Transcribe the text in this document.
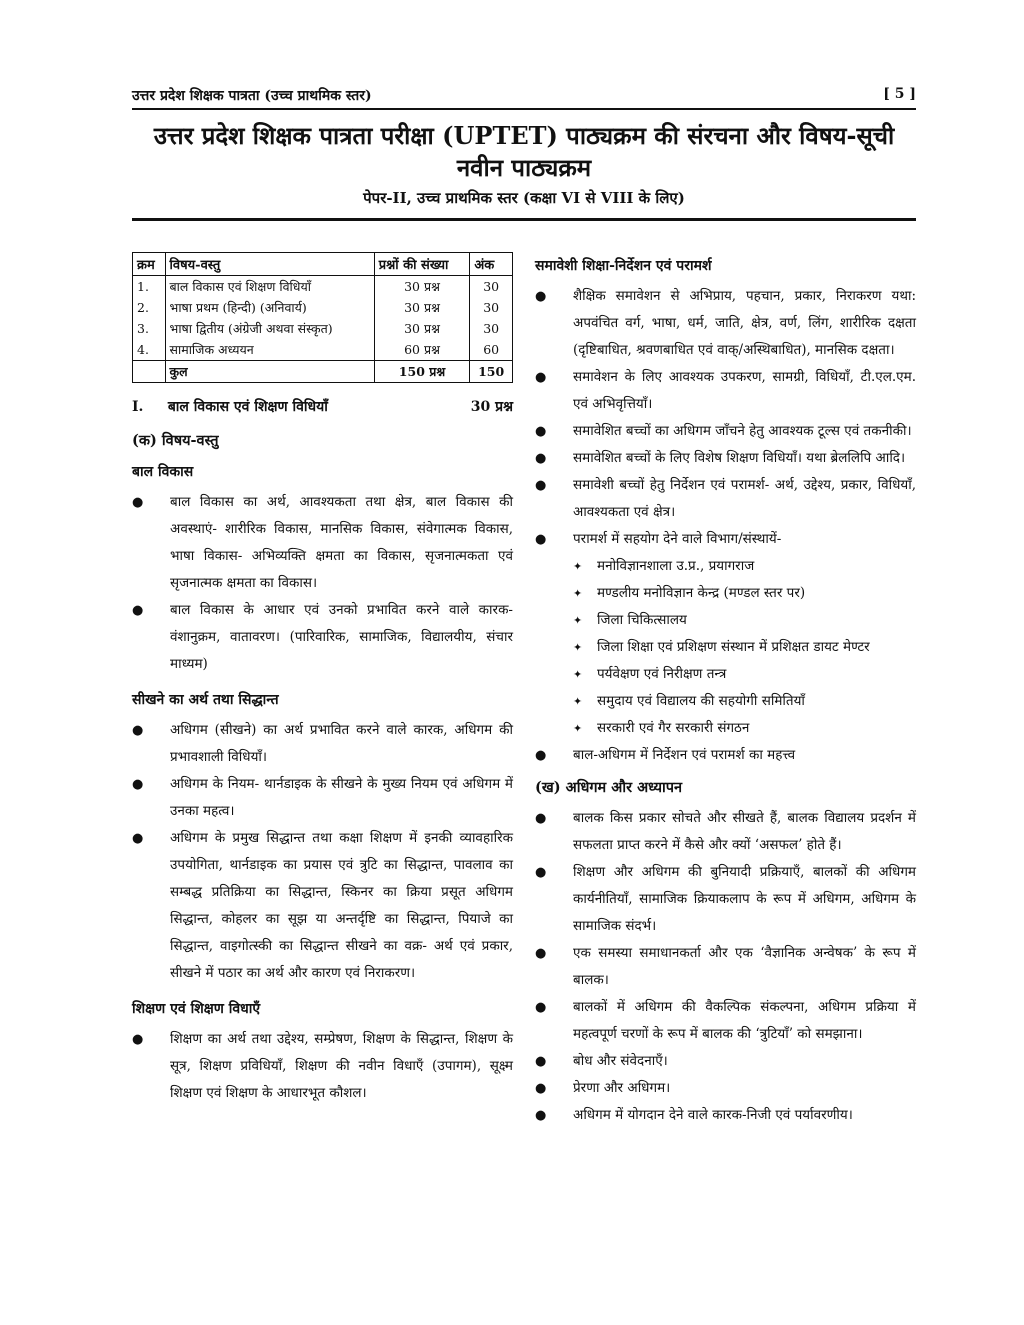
उत्तर प्रदेश शिक्षक पात्रता (उच्च प्राथमिक स्तर)	[ 5 ]
उत्तर प्रदेश शिक्षक पात्रता परीक्षा (UPTET) पाठ्यक्रम की संरचना और विषय-सूची
नवीन पाठ्यक्रम
पेपर-II, उच्च प्राथमिक स्तर (कक्षा VI से VIII के लिए)
क्रम	विषय-वस्तु	प्रश्नों की संख्या	अंक
1.	बाल विकास एवं शिक्षण विधियाँ	30 प्रश्न	30
2.	भाषा प्रथम (हिन्दी) (अनिवार्य)	30 प्रश्न	30
3.	भाषा द्वितीय (अंग्रेजी अथवा संस्कृत)	30 प्रश्न	30
4.	सामाजिक अध्ययन	60 प्रश्न	60
	कुल	150 प्रश्न	150
I. बाल विकास एवं शिक्षण विधियाँ	30 प्रश्न
(क) विषय-वस्तु
बाल विकास
● बाल विकास का अर्थ, आवश्यकता तथा क्षेत्र, बाल विकास की अवस्थाएं- शारीरिक विकास, मानसिक विकास, संवेगात्मक विकास, भाषा विकास- अभिव्यक्ति क्षमता का विकास, सृजनात्मकता एवं सृजनात्मक क्षमता का विकास।
● बाल विकास के आधार एवं उनको प्रभावित करने वाले कारक- वंशानुक्रम, वातावरण। (पारिवारिक, सामाजिक, विद्यालयीय, संचार माध्यम)
सीखने का अर्थ तथा सिद्धान्त
● अधिगम (सीखने) का अर्थ प्रभावित करने वाले कारक, अधिगम की प्रभावशाली विधियाँ।
● अधिगम के नियम- थार्नडाइक के सीखने के मुख्य नियम एवं अधिगम में उनका महत्व।
● अधिगम के प्रमुख सिद्धान्त तथा कक्षा शिक्षण में इनकी व्यावहारिक उपयोगिता, थार्नडाइक का प्रयास एवं त्रुटि का सिद्धान्त, पावलाव का सम्बद्ध प्रतिक्रिया का सिद्धान्त, स्किनर का क्रिया प्रसूत अधिगम सिद्धान्त, कोहलर का सूझ या अन्तर्दृष्टि का सिद्धान्त, पियाजे का सिद्धान्त, वाइगोत्स्की का सिद्धान्त सीखने का वक्र- अर्थ एवं प्रकार, सीखने में पठार का अर्थ और कारण एवं निराकरण।
शिक्षण एवं शिक्षण विधाएँ
● शिक्षण का अर्थ तथा उद्देश्य, सम्प्रेषण, शिक्षण के सिद्धान्त, शिक्षण के सूत्र, शिक्षण प्रविधियाँ, शिक्षण की नवीन विधाएँ (उपागम), सूक्ष्म शिक्षण एवं शिक्षण के आधारभूत कौशल।
समावेशी शिक्षा-निर्देशन एवं परामर्श
● शैक्षिक समावेशन से अभिप्राय, पहचान, प्रकार, निराकरण यथा: अपवंचित वर्ग, भाषा, धर्म, जाति, क्षेत्र, वर्ण, लिंग, शारीरिक दक्षता (दृष्टिबाधित, श्रवणबाधित एवं वाक्/अस्थिबाधित), मानसिक दक्षता।
● समावेशन के लिए आवश्यक उपकरण, सामग्री, विधियाँ, टी.एल.एम. एवं अभिवृत्तियाँ।
● समावेशित बच्चों का अधिगम जाँचने हेतु आवश्यक टूल्स एवं तकनीकी।
● समावेशित बच्चों के लिए विशेष शिक्षण विधियाँ। यथा ब्रेललिपि आदि।
● समावेशी बच्चों हेतु निर्देशन एवं परामर्श- अर्थ, उद्देश्य, प्रकार, विधियाँ, आवश्यकता एवं क्षेत्र।
● परामर्श में सहयोग देने वाले विभाग/संस्थायें-
✦ मनोविज्ञानशाला उ.प्र., प्रयागराज
✦ मण्डलीय मनोविज्ञान केन्द्र (मण्डल स्तर पर)
✦ जिला चिकित्सालय
✦ जिला शिक्षा एवं प्रशिक्षण संस्थान में प्रशिक्षत डायट मेण्टर
✦ पर्यवेक्षण एवं निरीक्षण तन्त्र
✦ समुदाय एवं विद्यालय की सहयोगी समितियाँ
✦ सरकारी एवं गैर सरकारी संगठन
● बाल-अधिगम में निर्देशन एवं परामर्श का महत्त्व
(ख) अधिगम और अध्यापन
● बालक किस प्रकार सोचते और सीखते हैं, बालक विद्यालय प्रदर्शन में सफलता प्राप्त करने में कैसे और क्यों ‘असफल’ होते हैं।
● शिक्षण और अधिगम की बुनियादी प्रक्रियाएँ, बालकों की अधिगम कार्यनीतियाँ, सामाजिक क्रियाकलाप के रूप में अधिगम, अधिगम के सामाजिक संदर्भ।
● एक समस्या समाधानकर्ता और एक ‘वैज्ञानिक अन्वेषक’ के रूप में बालक।
● बालकों में अधिगम की वैकल्पिक संकल्पना, अधिगम प्रक्रिया में महत्वपूर्ण चरणों के रूप में बालक की ‘त्रुटियाँ’ को समझाना।
● बोध और संवेदनाएँ।
● प्रेरणा और अधिगम।
● अधिगम में योगदान देने वाले कारक-निजी एवं पर्यावरणीय।
